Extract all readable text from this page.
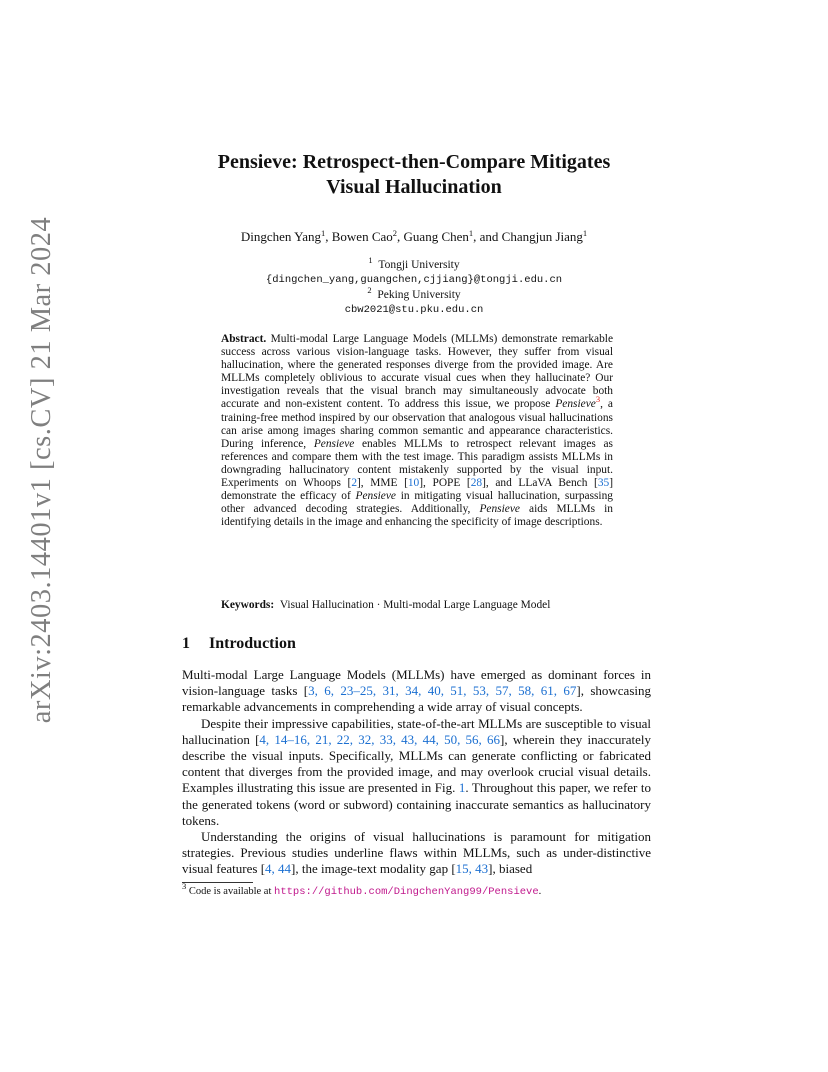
arXiv:2403.14401v1 [cs.CV] 21 Mar 2024
Pensieve: Retrospect-then-Compare Mitigates
Visual Hallucination
Dingchen Yang$^1$, Bowen Cao$^2$, Guang Chen$^1$, and Changjun Jiang$^1$
$^1$ Tongji University
{dingchen_yang,guangchen,cjjiang}@tongji.edu.cn
$^2$ Peking University
cbw2021@stu.pku.edu.cn
Abstract. Multi-modal Large Language Models (MLLMs) demonstrate remarkable success across various vision-language tasks. However, they suffer from visual hallucination, where the generated responses diverge from the provided image. Are MLLMs completely oblivious to accurate visual cues when they hallucinate? Our investigation reveals that the visual branch may simultaneously advocate both accurate and non-existent content. To address this issue, we propose Pensieve$^3$, a training-free method inspired by our observation that analogous visual hallucinations can arise among images sharing common semantic and appearance characteristics. During inference, Pensieve enables MLLMs to retrospect relevant images as references and compare them with the test image. This paradigm assists MLLMs in downgrading hallucinatory content mistakenly supported by the visual input. Experiments on Whoops [2], MME [10], POPE [28], and LLaVA Bench [35] demonstrate the efficacy of Pensieve in mitigating visual hallucination, surpassing other advanced decoding strategies. Additionally, Pensieve aids MLLMs in identifying details in the image and enhancing the specificity of image descriptions.
Keywords: Visual Hallucination · Multi-modal Large Language Model
1 Introduction

Multi-modal Large Language Models (MLLMs) have emerged as dominant forces in vision-language tasks [3, 6, 23–25, 31, 34, 40, 51, 53, 57, 58, 61, 67], showcasing remarkable advancements in comprehending a wide array of visual concepts.

Despite their impressive capabilities, state-of-the-art MLLMs are susceptible to visual hallucination [4, 14–16, 21, 22, 32, 33, 43, 44, 50, 56, 66], wherein they inaccurately describe the visual inputs. Specifically, MLLMs can generate conflicting or fabricated content that diverges from the provided image, and may overlook crucial visual details. Examples illustrating this issue are presented in Fig. 1. Throughout this paper, we refer to the generated tokens (word or subword) containing inaccurate semantics as hallucinatory tokens.

Understanding the origins of visual hallucinations is paramount for mitigation strategies. Previous studies underline flaws within MLLMs, such as under-distinctive visual features [4, 44], the image-text modality gap [15, 43], biased

$^3$ Code is available at https://github.com/DingchenYang99/Pensieve.
